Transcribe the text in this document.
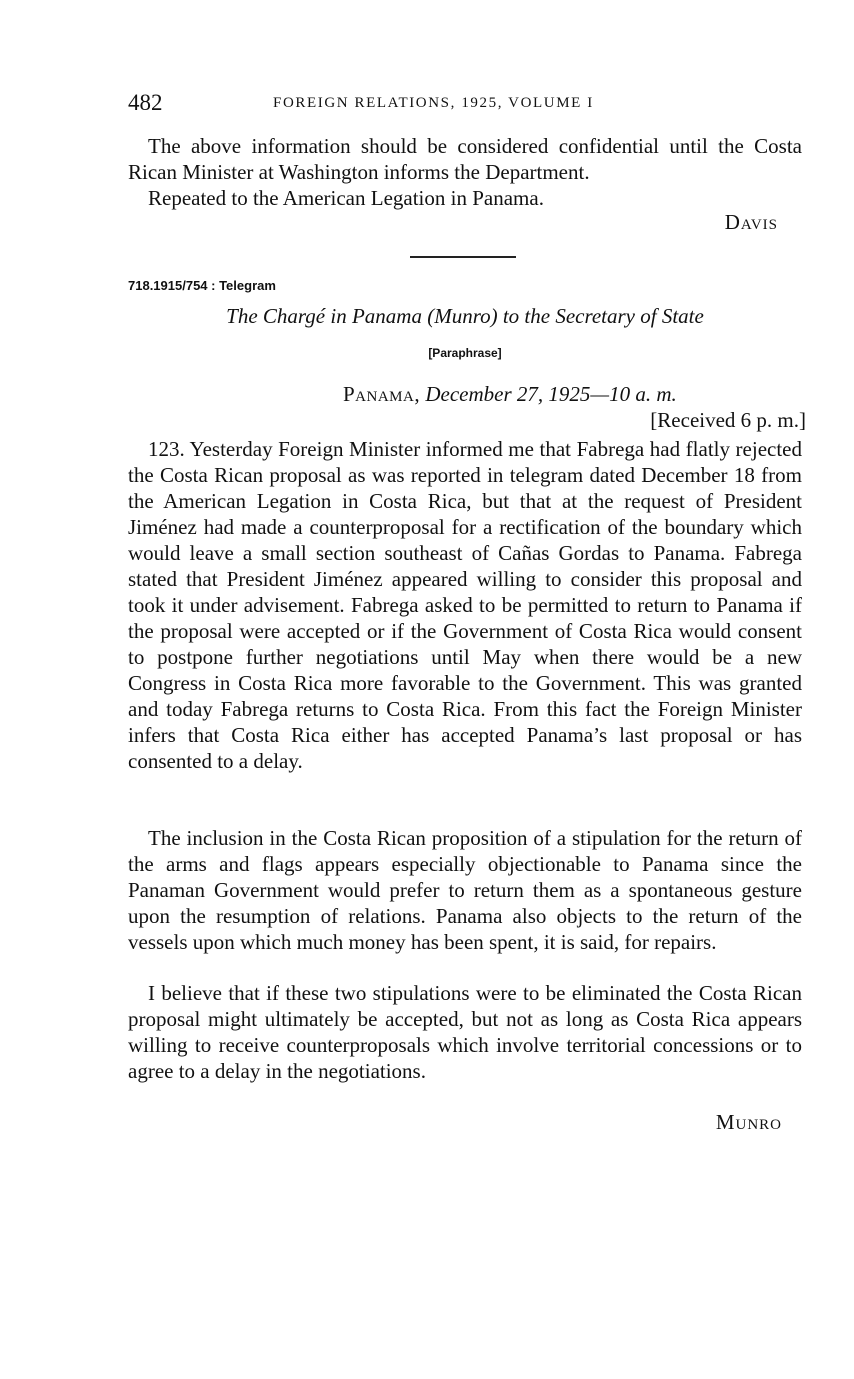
482	FOREIGN RELATIONS, 1925, VOLUME I

The above information should be considered confidential until the Costa Rican Minister at Washington informs the Department.

Repeated to the American Legation in Panama.

Davis
718.1915/754 : Telegram
The Chargé in Panama (Munro) to the Secretary of State
[Paraphrase]
Panama, December 27, 1925—10 a. m.
[Received 6 p. m.]

123. Yesterday Foreign Minister informed me that Fabrega had flatly rejected the Costa Rican proposal as was reported in telegram dated December 18 from the American Legation in Costa Rica, but that at the request of President Jiménez had made a counterproposal for a rectification of the boundary which would leave a small section southeast of Cañas Gordas to Panama. Fabrega stated that President Jiménez appeared willing to consider this proposal and took it under advisement. Fabrega asked to be permitted to return to Panama if the proposal were accepted or if the Government of Costa Rica would consent to postpone further negotiations until May when there would be a new Congress in Costa Rica more favorable to the Government. This was granted and today Fabrega returns to Costa Rica. From this fact the Foreign Minister infers that Costa Rica either has accepted Panama’s last proposal or has consented to a delay.

The inclusion in the Costa Rican proposition of a stipulation for the return of the arms and flags appears especially objectionable to Panama since the Panaman Government would prefer to return them as a spontaneous gesture upon the resumption of relations. Panama also objects to the return of the vessels upon which much money has been spent, it is said, for repairs.

I believe that if these two stipulations were to be eliminated the Costa Rican proposal might ultimately be accepted, but not as long as Costa Rica appears willing to receive counterproposals which involve territorial concessions or to agree to a delay in the negotiations.

Munro
